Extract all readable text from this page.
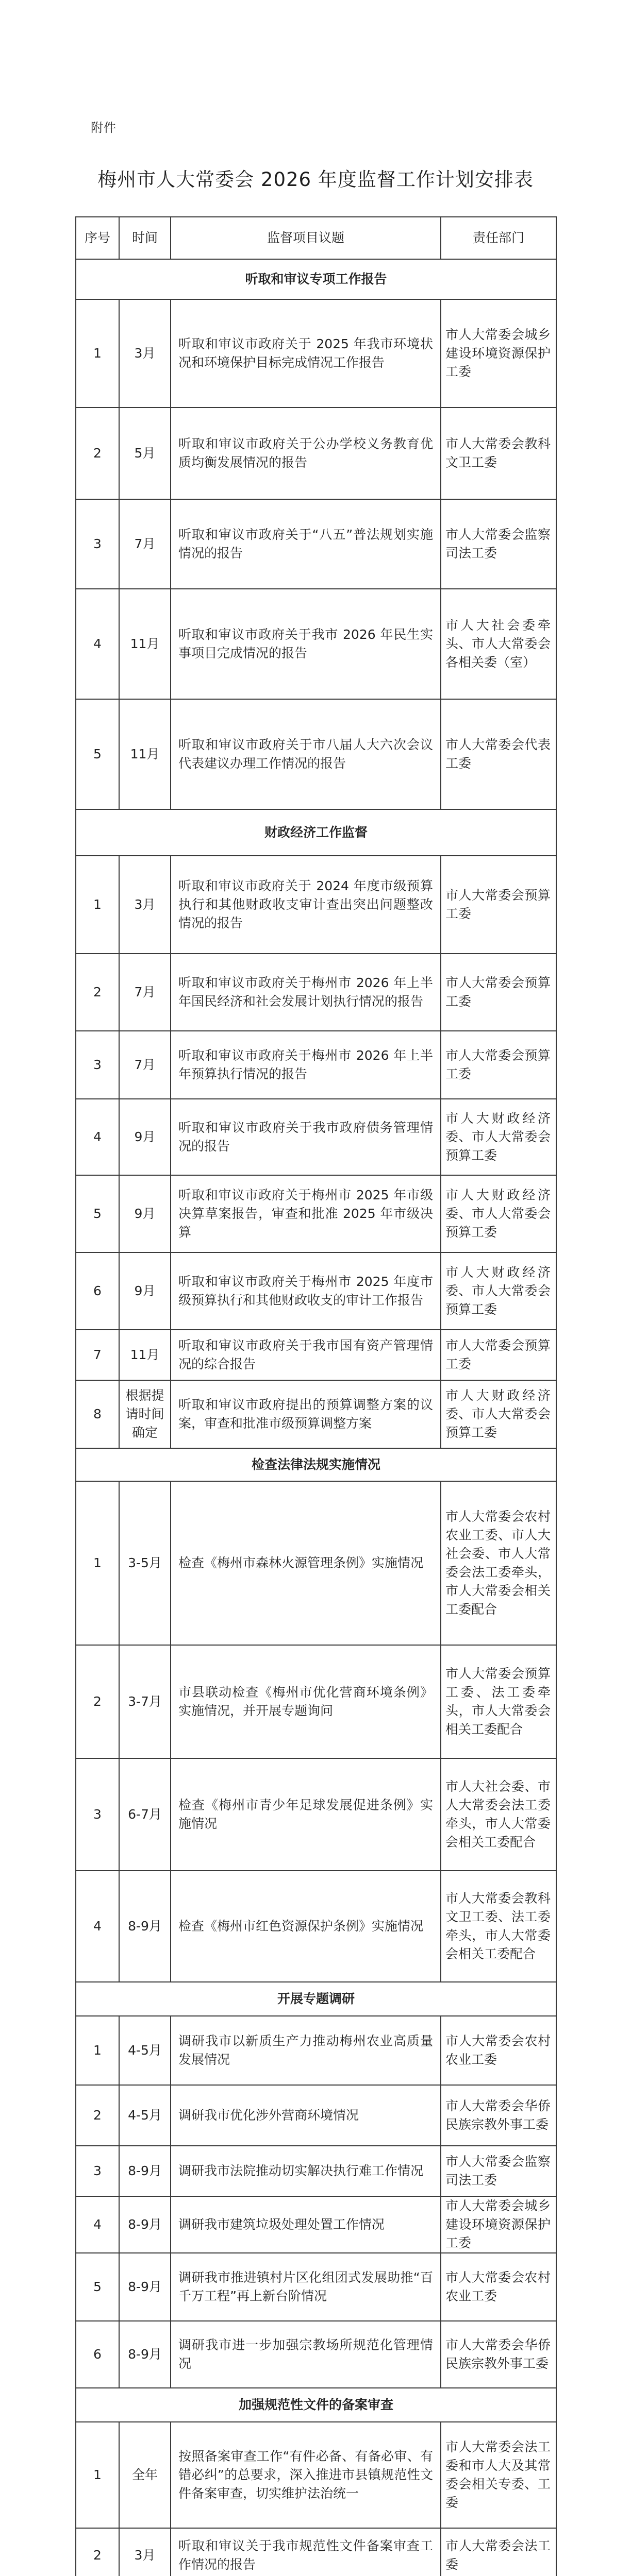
附件
梅州市人大常委会 2026 年度监督工作计划安排表
序号	时间	监督项目议题	责任部门
听取和审议专项工作报告			
1	3月	听取和审议市政府关于 2025 年我市环境状况和环境保护目标完成情况工作报告	市人大常委会城乡建设环境资源保护工委
2	5月	听取和审议市政府关于公办学校义务教育优质均衡发展情况的报告	市人大常委会教科文卫工委
3	7月	听取和审议市政府关于“八五”普法规划实施情况的报告	市人大常委会监察司法工委
4	11月	听取和审议市政府关于我市 2026 年民生实事项目完成情况的报告	市人大社会委牵头、市人大常委会各相关委（室）
5	11月	听取和审议市政府关于市八届人大六次会议代表建议办理工作情况的报告	市人大常委会代表工委
财政经济工作监督			
1	3月	听取和审议市政府关于 2024 年度市级预算执行和其他财政收支审计查出突出问题整改情况的报告	市人大常委会预算工委
2	7月	听取和审议市政府关于梅州市 2026 年上半年国民经济和社会发展计划执行情况的报告	市人大常委会预算工委
3	7月	听取和审议市政府关于梅州市 2026 年上半年预算执行情况的报告	市人大常委会预算工委
4	9月	听取和审议市政府关于我市政府债务管理情况的报告	市人大财政经济委、市人大常委会预算工委
5	9月	听取和审议市政府关于梅州市 2025 年市级决算草案报告，审查和批准 2025 年市级决算	市人大财政经济委、市人大常委会预算工委
6	9月	听取和审议市政府关于梅州市 2025 年度市级预算执行和其他财政收支的审计工作报告	市人大财政经济委、市人大常委会预算工委
7	11月	听取和审议市政府关于我市国有资产管理情况的综合报告	市人大常委会预算工委
8	根据提请时间确定	听取和审议市政府提出的预算调整方案的议案，审查和批准市级预算调整方案	市人大财政经济委、市人大常委会预算工委
检查法律法规实施情况			
1	3-5月	检查《梅州市森林火源管理条例》实施情况	市人大常委会农村农业工委、市人大社会委、市人大常委会法工委牵头，市人大常委会相关工委配合
2	3-7月	市县联动检查《梅州市优化营商环境条例》实施情况，并开展专题询问	市人大常委会预算工委、法工委牵头，市人大常委会相关工委配合
3	6-7月	检查《梅州市青少年足球发展促进条例》实施情况	市人大社会委、市人大常委会法工委牵头，市人大常委会相关工委配合
4	8-9月	检查《梅州市红色资源保护条例》实施情况	市人大常委会教科文卫工委、法工委牵头，市人大常委会相关工委配合
开展专题调研			
1	4-5月	调研我市以新质生产力推动梅州农业高质量发展情况	市人大常委会农村农业工委
2	4-5月	调研我市优化涉外营商环境情况	市人大常委会华侨民族宗教外事工委
3	8-9月	调研我市法院推动切实解决执行难工作情况	市人大常委会监察司法工委
4	8-9月	调研我市建筑垃圾处理处置工作情况	市人大常委会城乡建设环境资源保护工委
5	8-9月	调研我市推进镇村片区化组团式发展助推“百千万工程”再上新台阶情况	市人大常委会农村农业工委
6	8-9月	调研我市进一步加强宗教场所规范化管理情况	市人大常委会华侨民族宗教外事工委
加强规范性文件的备案审查			
1	全年	按照备案审查工作“有件必备、有备必审、有错必纠”的总要求，深入推进市县镇规范性文件备案审查，切实维护法治统一	市人大常委会法工委和市人大及其常委会相关专委、工委
2	3月	听取和审议关于我市规范性文件备案审查工作情况的报告	市人大常委会法工委
